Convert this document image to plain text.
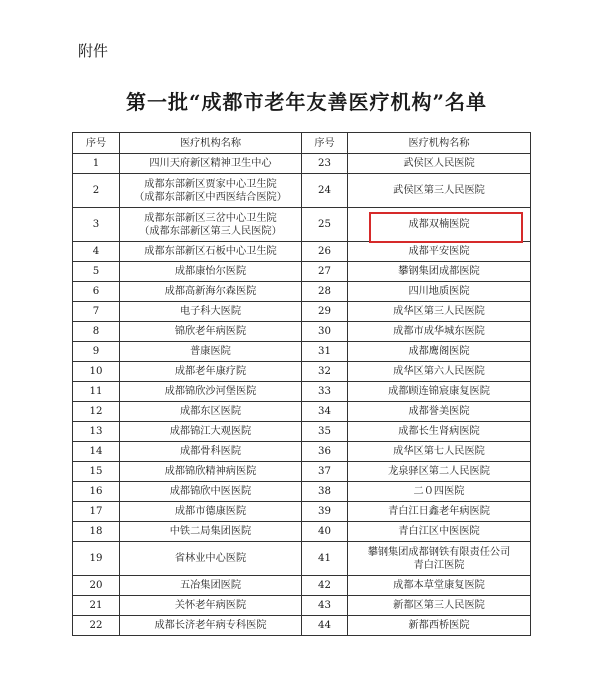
附件
第一批“成都市老年友善医疗机构”名单
序号	医疗机构名称	序号	医疗机构名称
1	四川天府新区精神卫生中心	23	武侯区人民医院
2	成都东部新区贾家中心卫生院
（成都东部新区中西医结合医院）	24	武侯区第三人民医院
3	成都东部新区三岔中心卫生院
（成都东部新区第三人民医院）	25	成都双楠医院
4	成都东部新区石板中心卫生院	26	成都平安医院
5	成都康怡尔医院	27	攀钢集团成都医院
6	成都高新海尔森医院	28	四川地质医院
7	电子科大医院	29	成华区第三人民医院
8	锦欣老年病医院	30	成都市成华城东医院
9	普康医院	31	成都鹰阁医院
10	成都老年康疗院	32	成华区第六人民医院
11	成都锦欣沙河堡医院	33	成都顾连锦宸康复医院
12	成都东区医院	34	成都誉美医院
13	成都锦江大观医院	35	成都长生肾病医院
14	成都骨科医院	36	成华区第七人民医院
15	成都锦欣精神病医院	37	龙泉驿区第二人民医院
16	成都锦欣中医医院	38	二０四医院
17	成都市德康医院	39	青白江日鑫老年病医院
18	中铁二局集团医院	40	青白江区中医医院
19	省林业中心医院	41	攀钢集团成都钢铁有限责任公司
青白江医院

20	五冶集团医院	42	成都本草堂康复医院
21	关怀老年病医院	43	新都区第三人民医院
22	成都长济老年病专科医院	44	新都西桥医院
